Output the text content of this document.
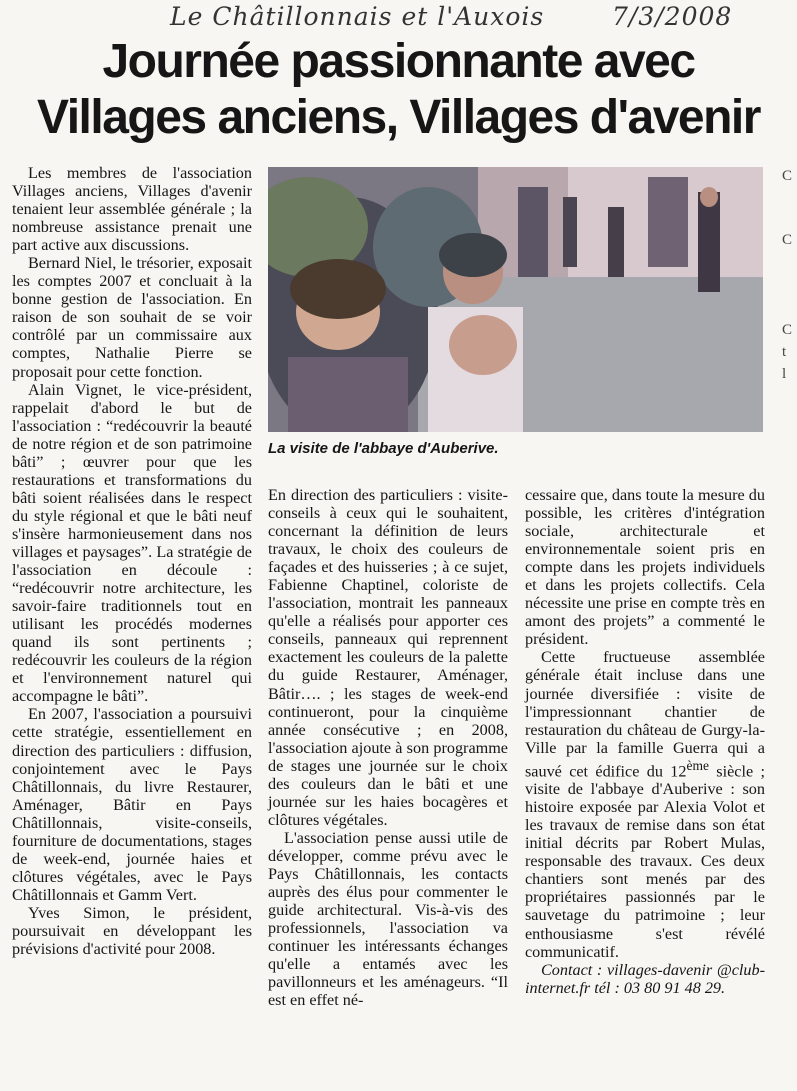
Le Châtillonnais et l'Auxois	7/3/2008
Journée passionnante avec
Villages anciens, Villages d'avenir

Les membres de l'association Villages anciens, Villages d'avenir tenaient leur assemblée générale ; la nombreuse assistance prenait une part active aux discussions.

Bernard Niel, le trésorier, exposait les comptes 2007 et concluait à la bonne gestion de l'association. En raison de son souhait de se voir contrôlé par un commissaire aux comptes, Nathalie Pierre se proposait pour cette fonction.

Alain Vignet, le vice-président, rappelait d'abord le but de l'association : “redécouvrir la beauté de notre région et de son patrimoine bâti” ; œuvrer pour que les restaurations et transformations du bâti soient réalisées dans le respect du style régional et que le bâti neuf s'insère harmonieusement dans nos villages et paysages”. La stratégie de l'association en découle : “redécouvrir notre architecture, les savoir-faire traditionnels tout en utilisant les procédés modernes quand ils sont pertinents ; redécouvrir les couleurs de la région et l'environnement naturel qui accompagne le bâti”.

En 2007, l'association a poursuivi cette stratégie, essentiellement en direction des particuliers : diffusion, conjointement avec le Pays Châtillonnais, du livre Restaurer, Aménager, Bâtir en Pays Châtillonnais, visite-conseils, fourniture de documentations, stages de week-end, journée haies et clôtures végétales, avec le Pays Châtillonnais et Gamm Vert.

Yves Simon, le président, poursuivait en développant les prévisions d'activité pour 2008.

La visite de l'abbaye d'Auberive.

En direction des particuliers : visite-conseils à ceux qui le souhaitent, concernant la définition de leurs travaux, le choix des couleurs de façades et des huisseries ; à ce sujet, Fabienne Chaptinel, coloriste de l'association, montrait les panneaux qu'elle a réalisés pour apporter ces conseils, panneaux qui reprennent exactement les couleurs de la palette du guide Restaurer, Aménager, Bâtir…. ; les stages de week-end continueront, pour la cinquième année consécutive ; en 2008, l'association ajoute à son programme de stages une journée sur le choix des couleurs dan le bâti et une journée sur les haies bocagères et clôtures végétales.

L'association pense aussi utile de développer, comme prévu avec le Pays Châtillonnais, les contacts auprès des élus pour commenter le guide architectural. Vis-à-vis des professionnels, l'association va continuer les intéressants échanges qu'elle a entamés avec les pavillonneurs et les aménageurs. “Il est en effet né-

cessaire que, dans toute la mesure du possible, les critères d'intégration sociale, architecturale et environnementale soient pris en compte dans les projets individuels et dans les projets collectifs. Cela nécessite une prise en compte très en amont des projets” a commenté le président.

Cette fructueuse assemblée générale était incluse dans une journée diversifiée : visite de l'impressionnant chantier de restauration du château de Gurgy-la-Ville par la famille Guerra qui a sauvé cet édifice du 12ème siècle ; visite de l'abbaye d'Auberive : son histoire exposée par Alexia Volot et les travaux de remise dans son état initial décrits par Robert Mulas, responsable des travaux. Ces deux chantiers sont menés par des propriétaires passionnés par le sauvetage du patrimoine ; leur enthousiasme s'est révélé communicatif.

Contact : villages-davenir @club-internet.fr tél : 03 80 91 48 29.

C
C
C
t
l
